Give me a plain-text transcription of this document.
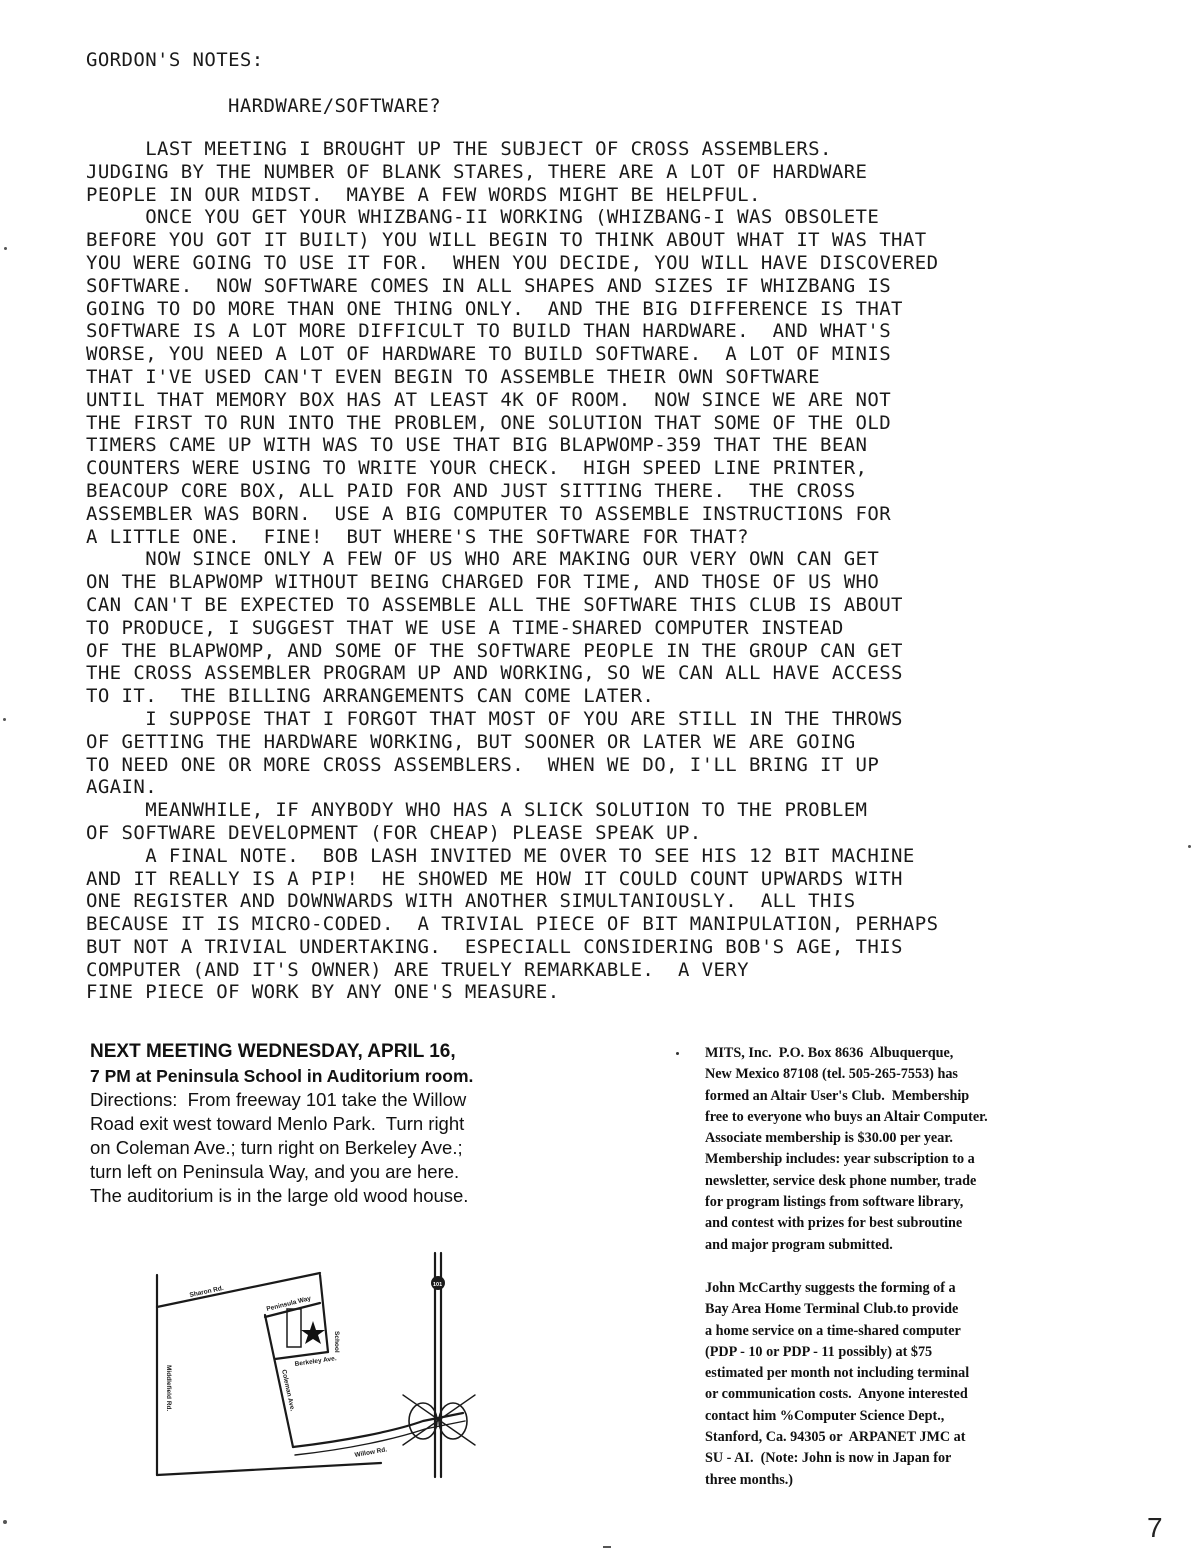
GORDON'S NOTES:

HARDWARE/SOFTWARE?

LAST MEETING I BROUGHT UP THE SUBJECT OF CROSS ASSEMBLERS.
JUDGING BY THE NUMBER OF BLANK STARES, THERE ARE A LOT OF HARDWARE
PEOPLE IN OUR MIDST.  MAYBE A FEW WORDS MIGHT BE HELPFUL.
ONCE YOU GET YOUR WHIZBANG-II WORKING (WHIZBANG-I WAS OBSOLETE
BEFORE YOU GOT IT BUILT) YOU WILL BEGIN TO THINK ABOUT WHAT IT WAS THAT
YOU WERE GOING TO USE IT FOR.  WHEN YOU DECIDE, YOU WILL HAVE DISCOVERED
SOFTWARE.  NOW SOFTWARE COMES IN ALL SHAPES AND SIZES IF WHIZBANG IS
GOING TO DO MORE THAN ONE THING ONLY.  AND THE BIG DIFFERENCE IS THAT
SOFTWARE IS A LOT MORE DIFFICULT TO BUILD THAN HARDWARE.  AND WHAT'S
WORSE, YOU NEED A LOT OF HARDWARE TO BUILD SOFTWARE.  A LOT OF MINIS
THAT I'VE USED CAN'T EVEN BEGIN TO ASSEMBLE THEIR OWN SOFTWARE
UNTIL THAT MEMORY BOX HAS AT LEAST 4K OF ROOM.  NOW SINCE WE ARE NOT
THE FIRST TO RUN INTO THE PROBLEM, ONE SOLUTION THAT SOME OF THE OLD
TIMERS CAME UP WITH WAS TO USE THAT BIG BLAPWOMP-359 THAT THE BEAN
COUNTERS WERE USING TO WRITE YOUR CHECK.  HIGH SPEED LINE PRINTER,
BEACOUP CORE BOX, ALL PAID FOR AND JUST SITTING THERE.  THE CROSS
ASSEMBLER WAS BORN.  USE A BIG COMPUTER TO ASSEMBLE INSTRUCTIONS FOR
A LITTLE ONE.  FINE!  BUT WHERE'S THE SOFTWARE FOR THAT?
NOW SINCE ONLY A FEW OF US WHO ARE MAKING OUR VERY OWN CAN GET
ON THE BLAPWOMP WITHOUT BEING CHARGED FOR TIME, AND THOSE OF US WHO
CAN CAN'T BE EXPECTED TO ASSEMBLE ALL THE SOFTWARE THIS CLUB IS ABOUT
TO PRODUCE, I SUGGEST THAT WE USE A TIME-SHARED COMPUTER INSTEAD
OF THE BLAPWOMP, AND SOME OF THE SOFTWARE PEOPLE IN THE GROUP CAN GET
THE CROSS ASSEMBLER PROGRAM UP AND WORKING, SO WE CAN ALL HAVE ACCESS
TO IT.  THE BILLING ARRANGEMENTS CAN COME LATER.
I SUPPOSE THAT I FORGOT THAT MOST OF YOU ARE STILL IN THE THROWS
OF GETTING THE HARDWARE WORKING, BUT SOONER OR LATER WE ARE GOING
TO NEED ONE OR MORE CROSS ASSEMBLERS.  WHEN WE DO, I'LL BRING IT UP
AGAIN.
MEANWHILE, IF ANYBODY WHO HAS A SLICK SOLUTION TO THE PROBLEM
OF SOFTWARE DEVELOPMENT (FOR CHEAP) PLEASE SPEAK UP.
A FINAL NOTE.  BOB LASH INVITED ME OVER TO SEE HIS 12 BIT MACHINE
AND IT REALLY IS A PIP!  HE SHOWED ME HOW IT COULD COUNT UPWARDS WITH
ONE REGISTER AND DOWNWARDS WITH ANOTHER SIMULTANIOUSLY.  ALL THIS
BECAUSE IT IS MICRO-CODED.  A TRIVIAL PIECE OF BIT MANIPULATION, PERHAPS
BUT NOT A TRIVIAL UNDERTAKING.  ESPECIALL CONSIDERING BOB'S AGE, THIS
COMPUTER (AND IT'S OWNER) ARE TRUELY REMARKABLE.  A VERY
FINE PIECE OF WORK BY ANY ONE'S MEASURE.
NEXT MEETING WEDNESDAY, APRIL 16,
7 PM at Peninsula School in Auditorium room.
Directions:  From freeway 101 take the Willow
Road exit west toward Menlo Park.  Turn right
on Coleman Ave.; turn right on Berkeley Ave.;
turn left on Peninsula Way, and you are here.
The auditorium is in the large old wood house.
Sharon Rd.
Peninsula Way
School
Berkeley Ave.
Coleman Ave.
Middlefield Rd.
Willow Rd.
101
MITS, Inc.  P.O. Box 8636  Albuquerque,
New Mexico 87108 (tel. 505-265-7553) has
formed an Altair User's Club.  Membership
free to everyone who buys an Altair Computer.
Associate membership is $30.00 per year.
Membership includes: year subscription to a
newsletter, service desk phone number, trade
for program listings from software library,
and contest with prizes for best subroutine
and major program submitted.
John McCarthy suggests the forming of a
Bay Area Home Terminal Club.to provide
a home service on a time-shared computer
(PDP - 10 or PDP - 11 possibly) at $75
estimated per month not including terminal
or communication costs.  Anyone interested
contact him %Computer Science Dept.,
Stanford, Ca. 94305 or  ARPANET JMC at
SU - AI.  (Note: John is now in Japan for
three months.)
7
